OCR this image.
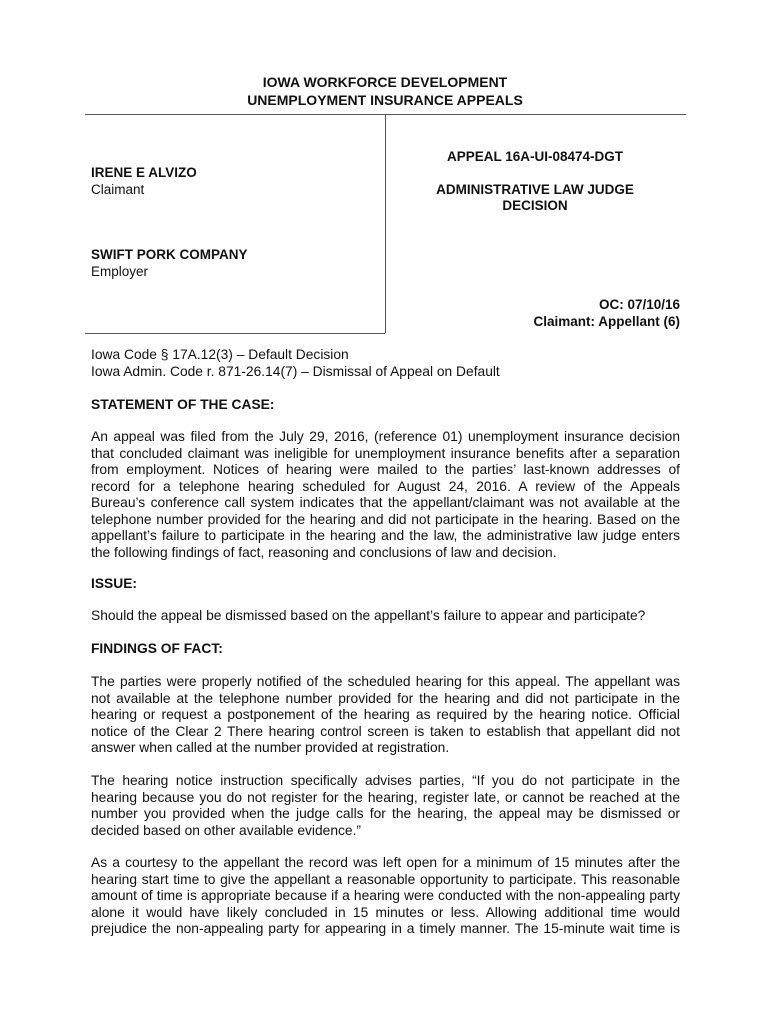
IOWA WORKFORCE DEVELOPMENT
UNEMPLOYMENT INSURANCE APPEALS
IRENE E ALVIZO
Claimant
SWIFT PORK COMPANY
Employer
APPEAL 16A-UI-08474-DGT
ADMINISTRATIVE LAW JUDGE
DECISION
OC: 07/10/16
Claimant: Appellant (6)
Iowa Code § 17A.12(3) – Default Decision
Iowa Admin. Code r. 871-26.14(7) – Dismissal of Appeal on Default
STATEMENT OF THE CASE:
An appeal was filed from the July 29, 2016, (reference 01) unemployment insurance decision
that concluded claimant was ineligible for unemployment insurance benefits after a separation
from employment. Notices of hearing were mailed to the parties’ last-known addresses of
record for a telephone hearing scheduled for August 24, 2016. A review of the Appeals
Bureau’s conference call system indicates that the appellant/claimant was not available at the
telephone number provided for the hearing and did not participate in the hearing. Based on the
appellant’s failure to participate in the hearing and the law, the administrative law judge enters
the following findings of fact, reasoning and conclusions of law and decision.
ISSUE:
Should the appeal be dismissed based on the appellant’s failure to appear and participate?
FINDINGS OF FACT:
The parties were properly notified of the scheduled hearing for this appeal. The appellant was
not available at the telephone number provided for the hearing and did not participate in the
hearing or request a postponement of the hearing as required by the hearing notice. Official
notice of the Clear 2 There hearing control screen is taken to establish that appellant did not
answer when called at the number provided at registration.
The hearing notice instruction specifically advises parties, “If you do not participate in the
hearing because you do not register for the hearing, register late, or cannot be reached at the
number you provided when the judge calls for the hearing, the appeal may be dismissed or
decided based on other available evidence.”
As a courtesy to the appellant the record was left open for a minimum of 15 minutes after the
hearing start time to give the appellant a reasonable opportunity to participate. This reasonable
amount of time is appropriate because if a hearing were conducted with the non-appealing party
alone it would have likely concluded in 15 minutes or less. Allowing additional time would
prejudice the non-appealing party for appearing in a timely manner. The 15-minute wait time is
